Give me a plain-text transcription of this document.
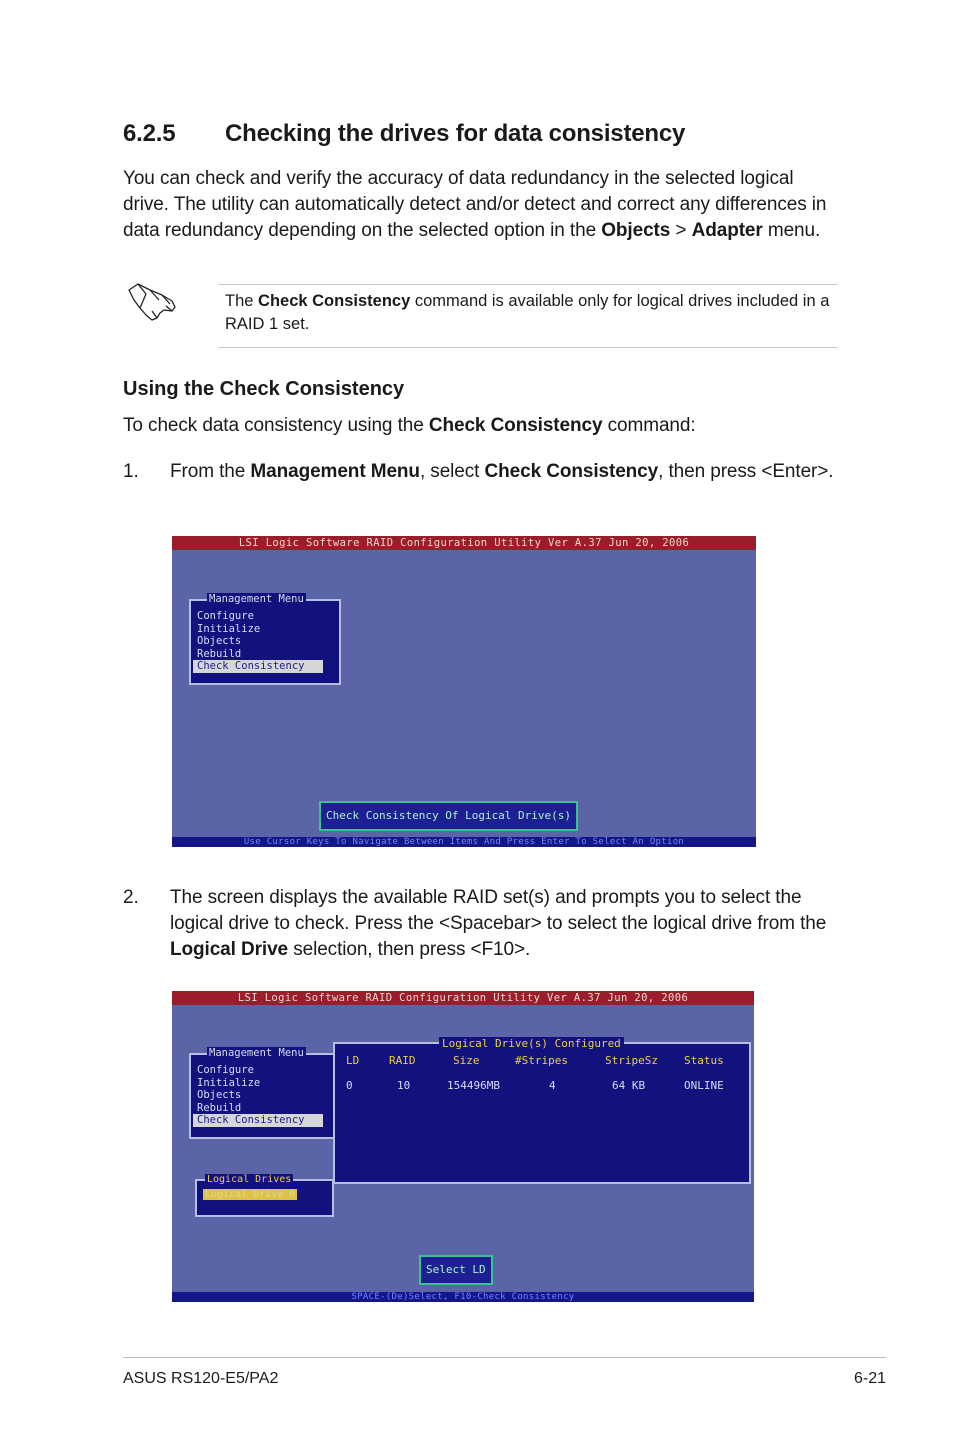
6.2.5 Checking the drives for data consistency
You can check and verify the accuracy of data redundancy in the selected logical drive. The utility can automatically detect and/or detect and correct any differences in data redundancy depending on the selected option in the Objects > Adapter menu.
The Check Consistency command is available only for logical drives included in a RAID 1 set.
Using the Check Consistency
To check data consistency using the Check Consistency command:
1. From the Management Menu, select Check Consistency, then press <Enter>.
LSI Logic Software RAID Configuration Utility Ver A.37 Jun 20, 2006
Management Menu
Configure
Initialize
Objects
Rebuild
Check Consistency
Check Consistency Of Logical Drive(s)
Use Cursor Keys To Navigate Between Items And Press Enter To Select An Option
2. The screen displays the available RAID set(s) and prompts you to select the logical drive to check. Press the <Spacebar> to select the logical drive from the Logical Drive selection, then press <F10>.
LSI Logic Software RAID Configuration Utility Ver A.37 Jun 20, 2006
Management Menu
Configure
Initialize
Objects
Rebuild
Check Consistency
Logical Drive(s) Configured
LD	RAID	Size	#Stripes	StripeSz Status
0	10	154496MB	4	64 KB	ONLINE
Logical Drives
Logical Drive 0
Select LD
SPACE-(De)Select, F10-Check Consistency
ASUS RS120-E5/PA2	6-21
